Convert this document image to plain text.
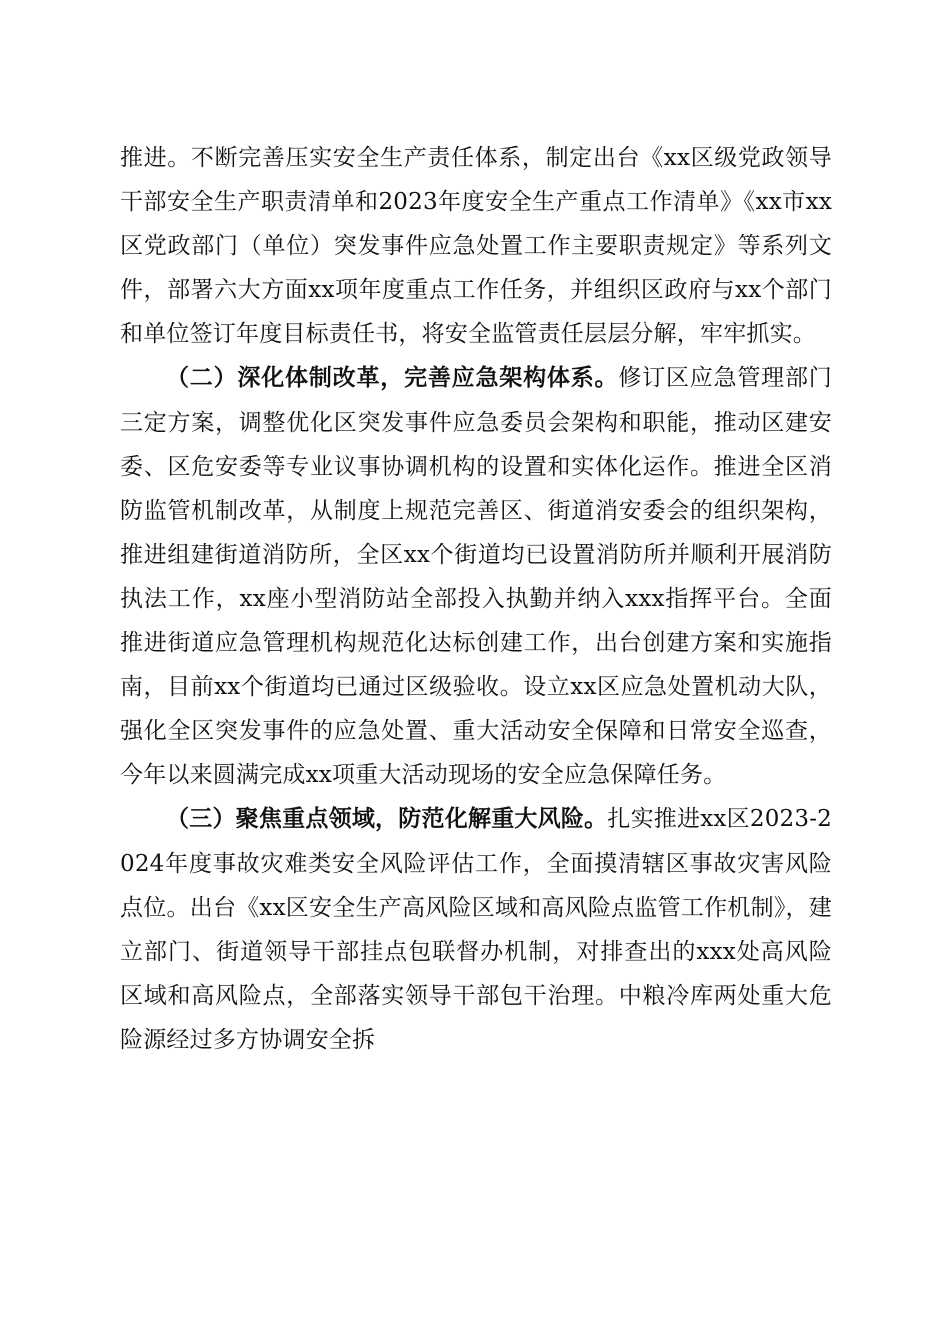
推进。不断完善压实安全生产责任体系，制定出台《xx区级党政领导干部安全生产职责清单和2023年度安全生产重点工作清单》《xx市xx区党政部门（单位）突发事件应急处置工作主要职责规定》等系列文件，部署六大方面xx项年度重点工作任务，并组织区政府与xx个部门和单位签订年度目标责任书，将安全监管责任层层分解，牢牢抓实。

（二）深化体制改革，完善应急架构体系。修订区应急管理部门三定方案，调整优化区突发事件应急委员会架构和职能，推动区建安委、区危安委等专业议事协调机构的设置和实体化运作。推进全区消防监管机制改革，从制度上规范完善区、街道消安委会的组织架构，推进组建街道消防所，全区xx个街道均已设置消防所并顺利开展消防执法工作，xx座小型消防站全部投入执勤并纳入xxx指挥平台。全面推进街道应急管理机构规范化达标创建工作，出台创建方案和实施指南，目前xx个街道均已通过区级验收。设立xx区应急处置机动大队，强化全区突发事件的应急处置、重大活动安全保障和日常安全巡查，今年以来圆满完成xx项重大活动现场的安全应急保障任务。

（三）聚焦重点领域，防范化解重大风险。扎实推进xx区2023-2024年度事故灾难类安全风险评估工作，全面摸清辖区事故灾害风险点位。出台《xx区安全生产高风险区域和高风险点监管工作机制》，建立部门、街道领导干部挂点包联督办机制，对排查出的xxx处高风险区域和高风险点，全部落实领导干部包干治理。中粮冷库两处重大危险源经过多方协调安全拆
